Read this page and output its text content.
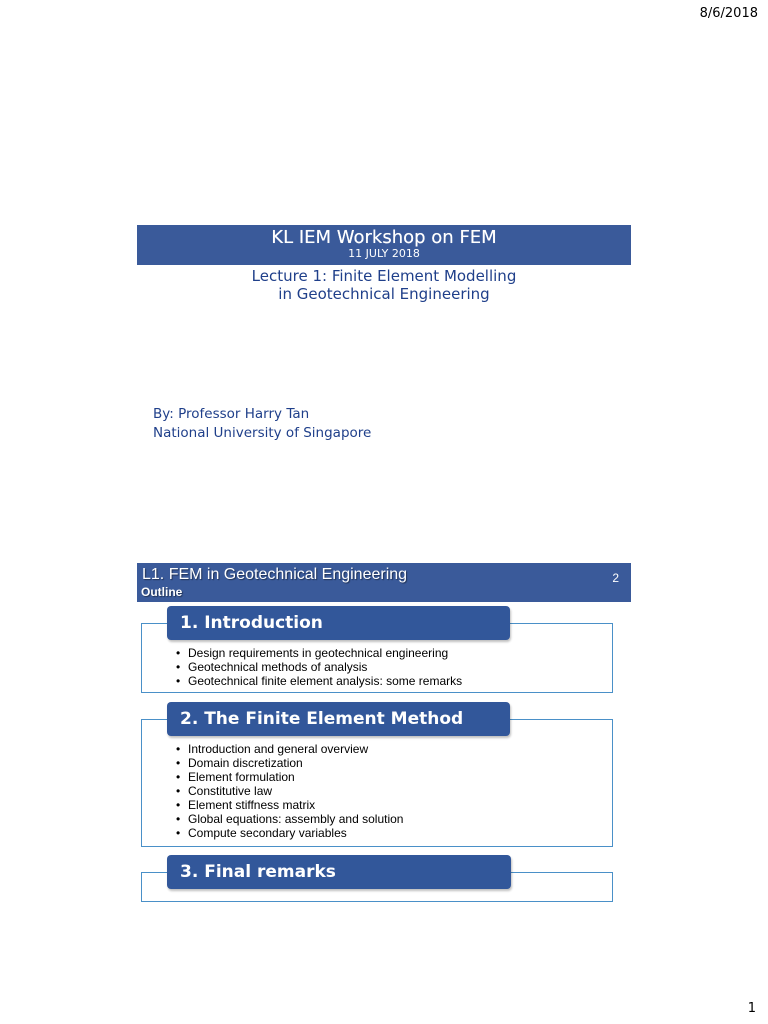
8/6/2018
KL IEM Workshop on FEM
11 JULY 2018
Lecture 1: Finite Element Modelling
in Geotechnical Engineering
By: Professor Harry Tan
National University of Singapore
L1. FEM in Geotechnical Engineering
Outline
2
1. Introduction
• Design requirements in geotechnical engineering
• Geotechnical methods of analysis
• Geotechnical finite element analysis: some remarks
2. The Finite Element Method
• Introduction and general overview
• Domain discretization
• Element formulation
• Constitutive law
• Element stiffness matrix
• Global equations: assembly and solution
• Compute secondary variables
3. Final remarks
1
